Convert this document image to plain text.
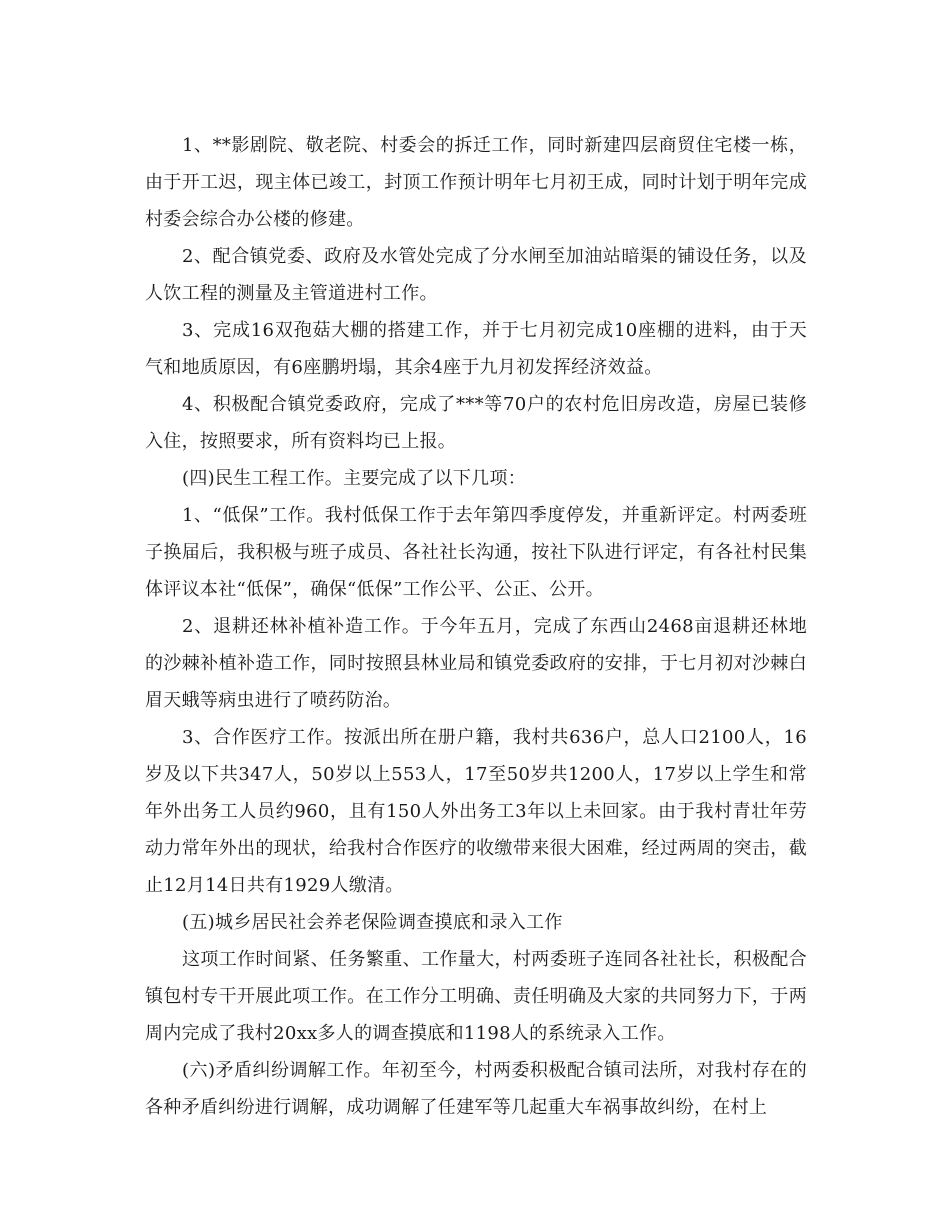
1、**影剧院、敬老院、村委会的拆迁工作，同时新建四层商贸住宅楼一栋，由于开工迟，现主体已竣工，封顶工作预计明年七月初王成，同时计划于明年完成村委会综合办公楼的修建。

2、配合镇党委、政府及水管处完成了分水闸至加油站暗渠的铺设任务，以及人饮工程的测量及主管道进村工作。

3、完成16双孢菇大棚的搭建工作，并于七月初完成10座棚的进料，由于天气和地质原因，有6座鹏坍塌，其余4座于九月初发挥经济效益。

4、积极配合镇党委政府，完成了***等70户的农村危旧房改造，房屋已装修入住，按照要求，所有资料均已上报。

(四)民生工程工作。主要完成了以下几项：

1、“低保”工作。我村低保工作于去年第四季度停发，并重新评定。村两委班子换届后，我积极与班子成员、各社社长沟通，按社下队进行评定，有各社村民集体评议本社“低保”，确保“低保”工作公平、公正、公开。

2、退耕还林补植补造工作。于今年五月，完成了东西山2468亩退耕还林地的沙棘补植补造工作，同时按照县林业局和镇党委政府的安排，于七月初对沙棘白眉天蛾等病虫进行了喷药防治。

3、合作医疗工作。按派出所在册户籍，我村共636户，总人口2100人，16岁及以下共347人，50岁以上553人，17至50岁共1200人，17岁以上学生和常年外出务工人员约960，且有150人外出务工3年以上未回家。由于我村青壮年劳动力常年外出的现状，给我村合作医疗的收缴带来很大困难，经过两周的突击，截止12月14日共有1929人缴清。

(五)城乡居民社会养老保险调查摸底和录入工作

这项工作时间紧、任务繁重、工作量大，村两委班子连同各社社长，积极配合镇包村专干开展此项工作。在工作分工明确、责任明确及大家的共同努力下，于两周内完成了我村20xx多人的调查摸底和1198人的系统录入工作。

(六)矛盾纠纷调解工作。年初至今，村两委积极配合镇司法所，对我村存在的各种矛盾纠纷进行调解，成功调解了任建军等几起重大车祸事故纠纷，在村上
